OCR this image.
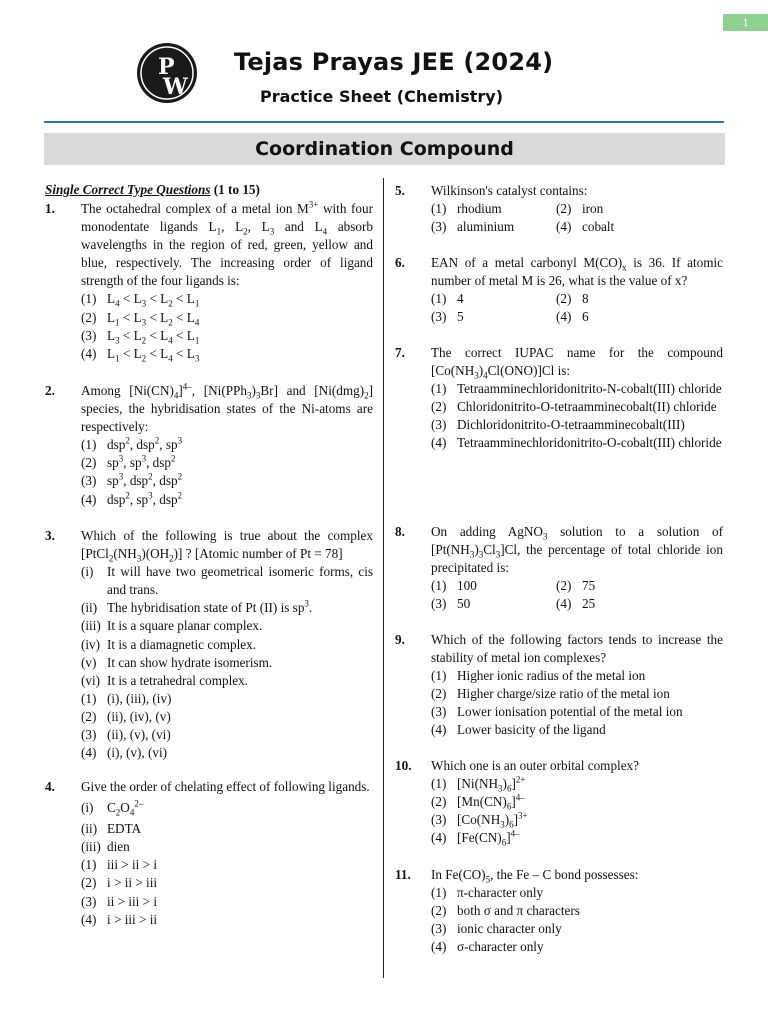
1
P
W
Tejas Prayas JEE (2024)
Practice Sheet (Chemistry)
Coordination Compound
Single Correct Type Questions (1 to 15)
1. The octahedral complex of a metal ion $M^{3+}$ with four monodentate ligands $L_1$, $L_2$, $L_3$ and $L_4$ absorb wavelengths in the region of red, green, yellow and blue, respectively. The increasing order of ligand strength of the four ligands is:
(1) $L_4 < L_3 < L_2 < L_1$
(2) $L_1 < L_3 < L_2 < L_4$
(3) $L_3 < L_2 < L_4 < L_1$
(4) $L_1 < L_2 < L_4 < L_3$
2. Among $[Ni(CN)_4]^{4-}$, $[Ni(PPh_3)_3Br]$ and $[Ni(dmg)_2]$ species, the hybridisation states of the Ni-atoms are respectively:
(1) dsp$^2$, dsp$^2$, $sp^3$
(2) $sp^3$, $sp^3$, dsp$^2$
(3) $sp^3$, dsp$^2$, dsp$^2$
(4) dsp$^2$, $sp^3$, dsp$^2$
3. Which of the following is true about the complex $[PtCl_2(NH_3)(OH_2)]$ ? [Atomic number of Pt = 78]
(i) It will have two geometrical isomeric forms, cis and trans.
(ii) The hybridisation state of Pt (II) is $sp^3$.
(iii) It is a square planar complex.
(iv) It is a diamagnetic complex.
(v) It can show hydrate isomerism.
(vi) It is a tetrahedral complex.
(1) (i), (iii), (iv)
(2) (ii), (iv), (v)
(3) (ii), (v), (vi)
(4) (i), (v), (vi)
4. Give the order of chelating effect of following ligands.
(i) $C_2O_4^{2-}$
(ii) EDTA
(iii) dien
(1) iii > ii > i
(2) i > ii > iii
(3) ii > iii > i
(4) i > iii > ii
5. Wilkinson's catalyst contains:
(1) rhodium	(2) iron
(3) aluminium	(4) cobalt
6. EAN of a metal carbonyl $M(CO)_x$ is 36. If atomic number of metal M is 26, what is the value of x?
(1) 4	(2) 8
(3) 5	(4) 6
7. The correct IUPAC name for the compound $[Co(NH_3)_4Cl(ONO)]Cl$ is:
(1) Tetraamminechloridonitrito-N-cobalt(III) chloride
(2) Chloridonitrito-O-tetraamminecobalt(II) chloride
(3) Dichloridonitrito-O-tetraamminecobalt(III)
(4) Tetraamminechloridonitrito-O-cobalt(III) chloride
8. On adding AgNO$_3$ solution to a solution of $[Pt(NH_3)_3Cl_3]Cl$, the percentage of total chloride ion precipitated is:
(1) 100	(2) 75
(3) 50	(4) 25
9. Which of the following factors tends to increase the stability of metal ion complexes?
(1) Higher ionic radius of the metal ion
(2) Higher charge/size ratio of the metal ion
(3) Lower ionisation potential of the metal ion
(4) Lower basicity of the ligand
10. Which one is an outer orbital complex?
(1) $[Ni(NH_3)_6]^{2+}$
(2) $[Mn(CN)_6]^{4-}$
(3) $[Co(NH_3)_6]^{3+}$
(4) $[Fe(CN)_6]^{4-}$
11. In $Fe(CO)_5$, the Fe – C bond possesses:
(1) π-character only
(2) both σ and π characters
(3) ionic character only
(4) σ-character only
